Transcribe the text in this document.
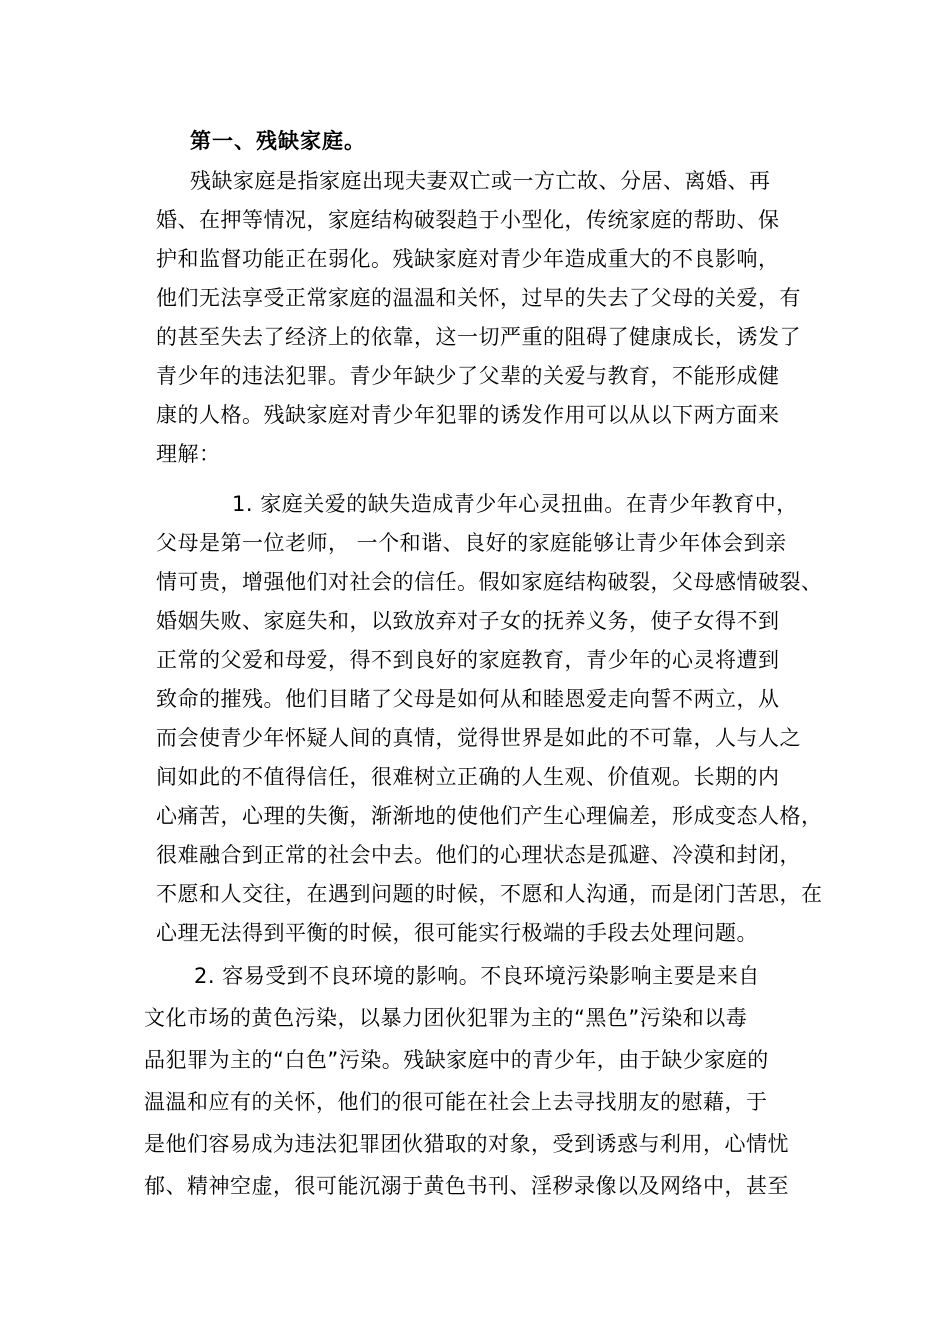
第一、残缺家庭。
残缺家庭是指家庭出现夫妻双亡或一方亡故、分居、离婚、再
婚、在押等情况，家庭结构破裂趋于小型化，传统家庭的帮助、保
护和监督功能正在弱化。残缺家庭对青少年造成重大的不良影响，
他们无法享受正常家庭的温温和关怀，过早的失去了父母的关爱，有
的甚至失去了经济上的依靠，这一切严重的阻碍了健康成长，诱发了
青少年的违法犯罪。青少年缺少了父辈的关爱与教育，不能形成健
康的人格。残缺家庭对青少年犯罪的诱发作用可以从以下两方面来
理解：
1. 家庭关爱的缺失造成青少年心灵扭曲。在青少年教育中，
父母是第一位老师， 一个和谐、良好的家庭能够让青少年体会到亲
情可贵，增强他们对社会的信任。假如家庭结构破裂，父母感情破裂、
婚姻失败、家庭失和，以致放弃对子女的抚养义务，使子女得不到
正常的父爱和母爱，得不到良好的家庭教育，青少年的心灵将遭到
致命的摧残。他们目睹了父母是如何从和睦恩爱走向誓不两立，从
而会使青少年怀疑人间的真情，觉得世界是如此的不可靠，人与人之
间如此的不值得信任，很难树立正确的人生观、价值观。长期的内
心痛苦，心理的失衡，渐渐地的使他们产生心理偏差，形成变态人格，
很难融合到正常的社会中去。他们的心理状态是孤避、冷漠和封闭，
不愿和人交往，在遇到问题的时候，不愿和人沟通，而是闭门苦思，在
心理无法得到平衡的时候，很可能实行极端的手段去处理问题。
2. 容易受到不良环境的影响。不良环境污染影响主要是来自
文化市场的黄色污染，以暴力团伙犯罪为主的“黑色”污染和以毒
品犯罪为主的“白色”污染。残缺家庭中的青少年，由于缺少家庭的
温温和应有的关怀，他们的很可能在社会上去寻找朋友的慰藉，于
是他们容易成为违法犯罪团伙猎取的对象，受到诱惑与利用，心情忧
郁、精神空虚，很可能沉溺于黄色书刊、淫秽录像以及网络中，甚至
